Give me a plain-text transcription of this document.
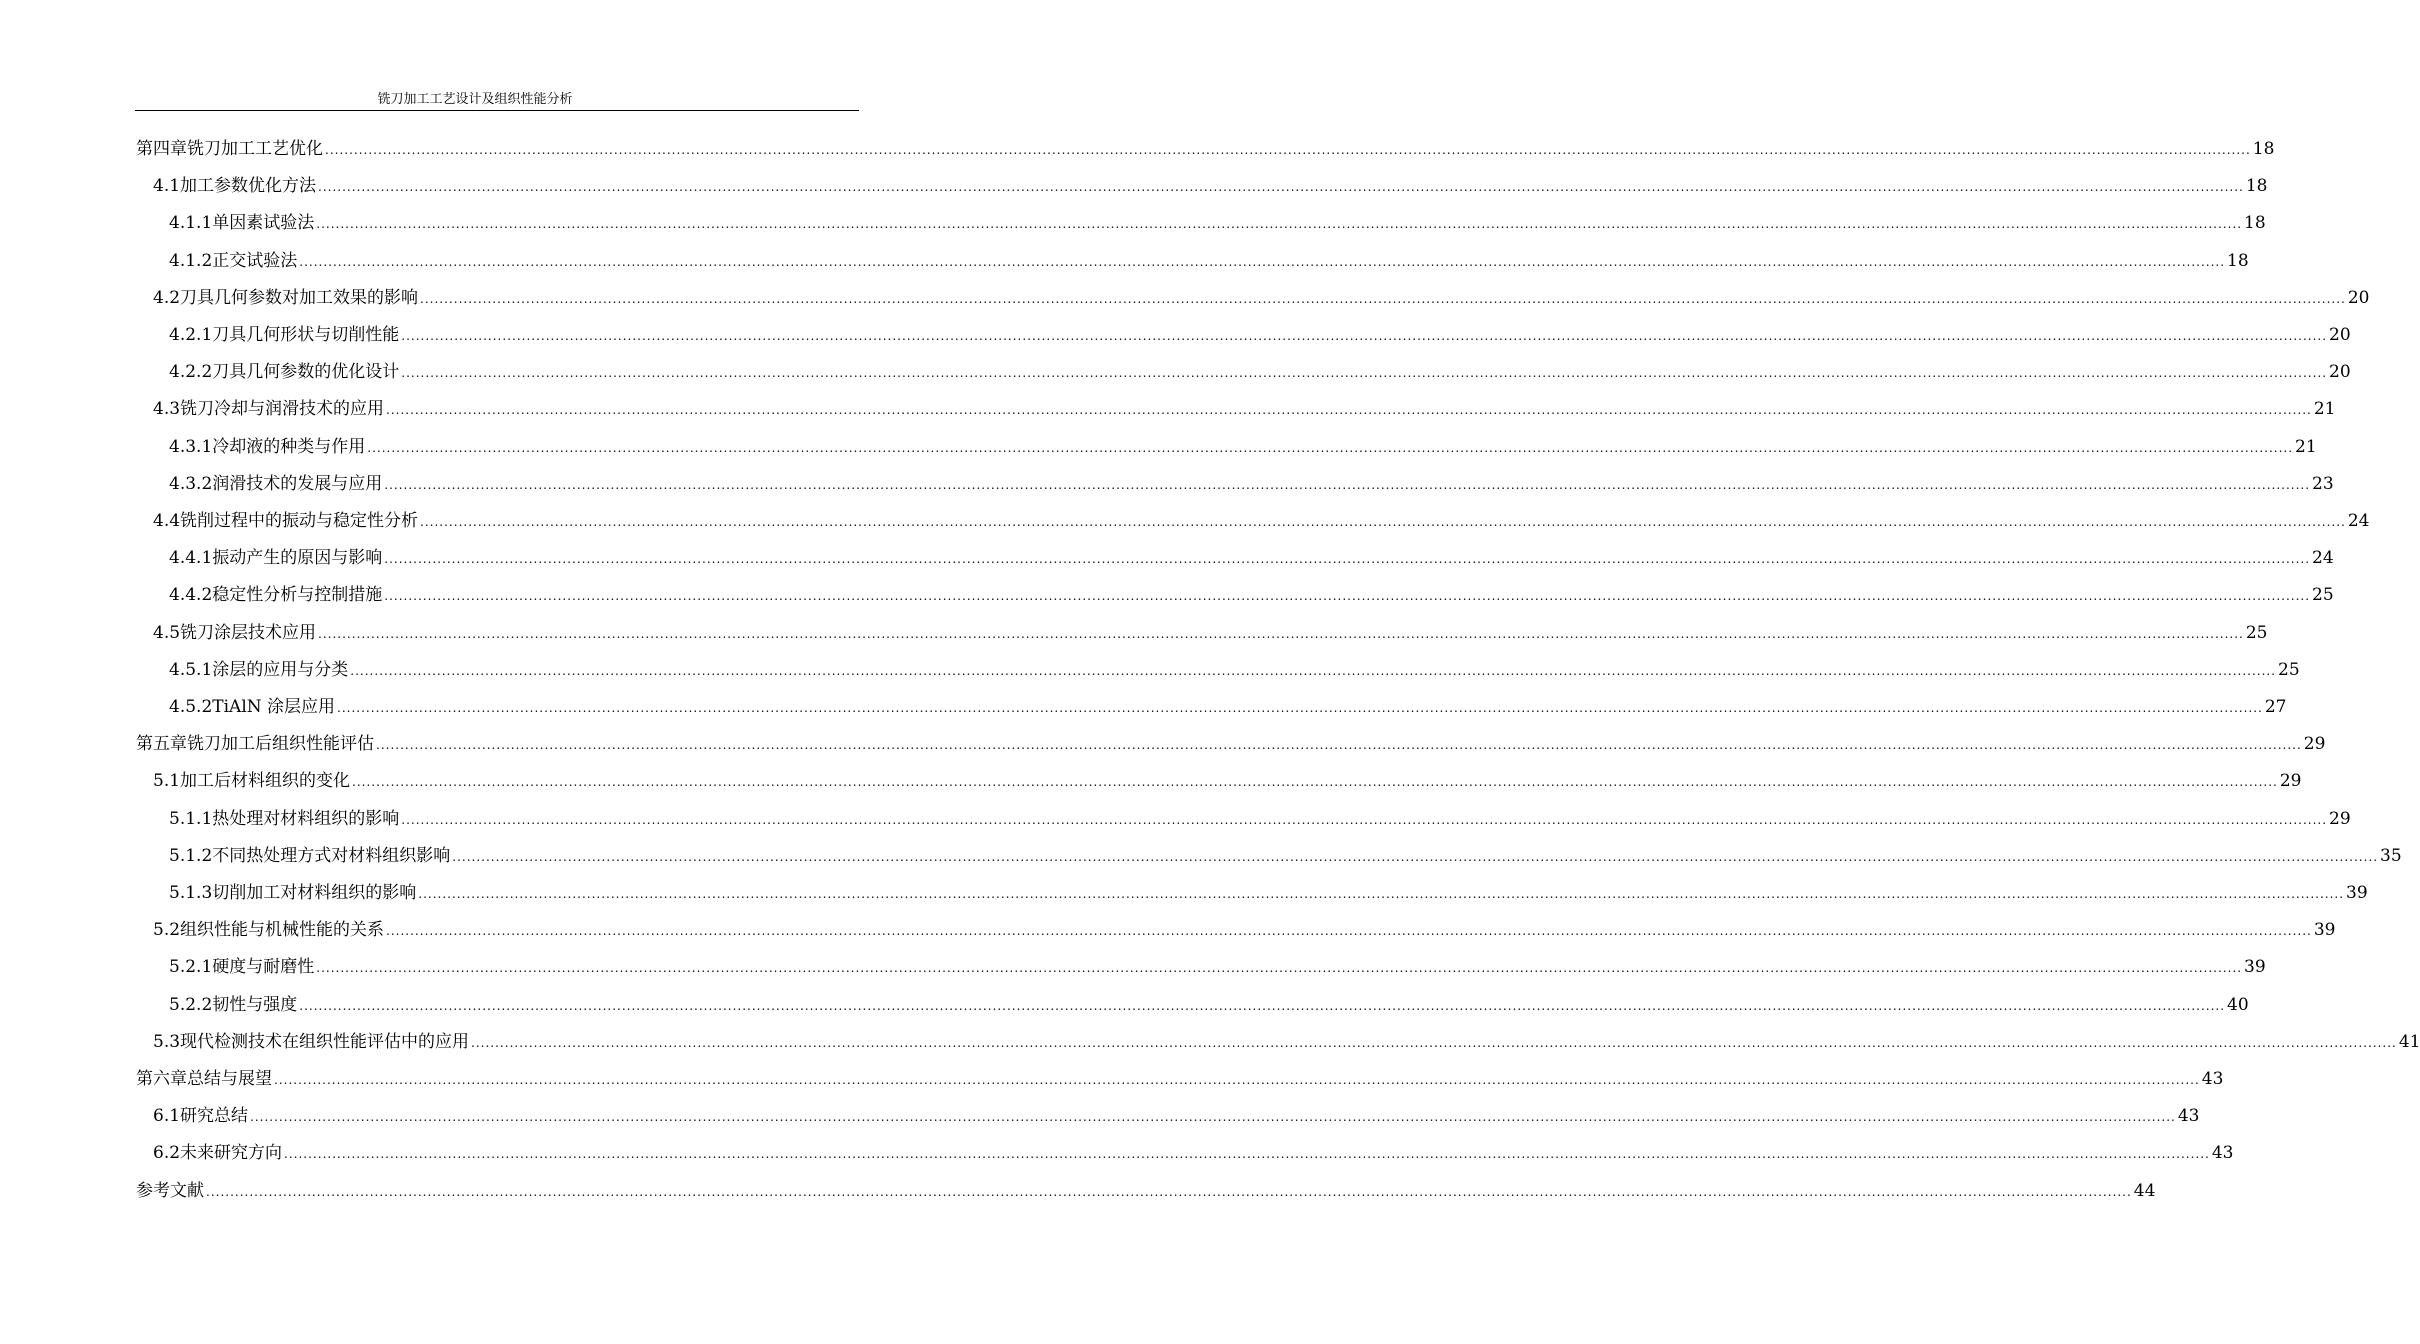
铣刀加工工艺设计及组织性能分析
第四章 铣刀加工工艺优化 ................................................................................................................................................................................................................................................................................................................................................................................................................ 18
4.1 加工参数优化方法 ................................................................................................................................................................................................................................................................................................................................................................................................................ 18
4.1.1 单因素试验法 ................................................................................................................................................................................................................................................................................................................................................................................................................ 18
4.1.2 正交试验法 ................................................................................................................................................................................................................................................................................................................................................................................................................ 18
4.2 刀具几何参数对加工效果的影响 ................................................................................................................................................................................................................................................................................................................................................................................................................ 20
4.2.1 刀具几何形状与切削性能 ................................................................................................................................................................................................................................................................................................................................................................................................................ 20
4.2.2 刀具几何参数的优化设计 ................................................................................................................................................................................................................................................................................................................................................................................................................ 20
4.3 铣刀冷却与润滑技术的应用 ................................................................................................................................................................................................................................................................................................................................................................................................................ 21
4.3.1 冷却液的种类与作用 ................................................................................................................................................................................................................................................................................................................................................................................................................ 21
4.3.2 润滑技术的发展与应用 ................................................................................................................................................................................................................................................................................................................................................................................................................ 23
4.4 铣削过程中的振动与稳定性分析 ................................................................................................................................................................................................................................................................................................................................................................................................................ 24
4.4.1 振动产生的原因与影响 ................................................................................................................................................................................................................................................................................................................................................................................................................ 24
4.4.2 稳定性分析与控制措施 ................................................................................................................................................................................................................................................................................................................................................................................................................ 25
4.5 铣刀涂层技术应用 ................................................................................................................................................................................................................................................................................................................................................................................................................ 25
4.5.1 涂层的应用与分类 ................................................................................................................................................................................................................................................................................................................................................................................................................ 25
4.5.2 TiAlN 涂层应用 ................................................................................................................................................................................................................................................................................................................................................................................................................ 27
第五章 铣刀加工后组织性能评估 ................................................................................................................................................................................................................................................................................................................................................................................................................ 29
5.1 加工后材料组织的变化 ................................................................................................................................................................................................................................................................................................................................................................................................................ 29
5.1.1 热处理对材料组织的影响 ................................................................................................................................................................................................................................................................................................................................................................................................................ 29
5.1.2 不同热处理方式对材料组织影响 ................................................................................................................................................................................................................................................................................................................................................................................................................ 35
5.1.3 切削加工对材料组织的影响 ................................................................................................................................................................................................................................................................................................................................................................................................................ 39
5.2 组织性能与机械性能的关系 ................................................................................................................................................................................................................................................................................................................................................................................................................ 39
5.2.1 硬度与耐磨性 ................................................................................................................................................................................................................................................................................................................................................................................................................ 39
5.2.2 韧性与强度 ................................................................................................................................................................................................................................................................................................................................................................................................................ 40
5.3 现代检测技术在组织性能评估中的应用 ................................................................................................................................................................................................................................................................................................................................................................................................................ 41
第六章 总结与展望 ................................................................................................................................................................................................................................................................................................................................................................................................................ 43
6.1 研究总结 ................................................................................................................................................................................................................................................................................................................................................................................................................ 43
6.2 未来研究方向 ................................................................................................................................................................................................................................................................................................................................................................................................................ 43
参考文献 ................................................................................................................................................................................................................................................................................................................................................................................................................ 44
